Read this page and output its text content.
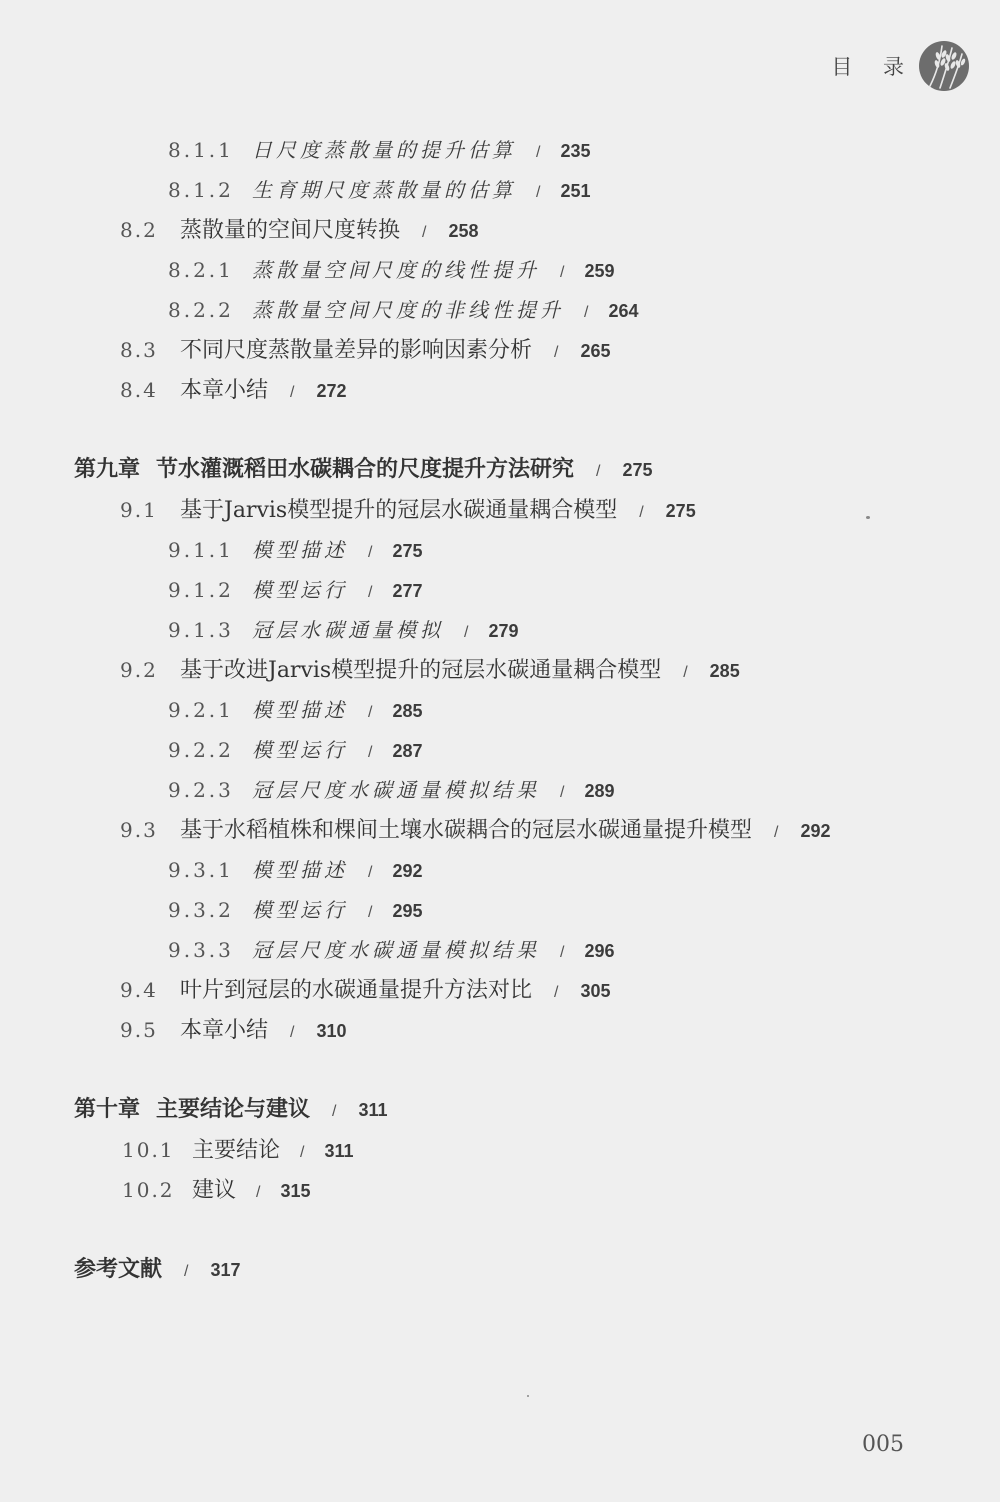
目 录
8.1.1 日尺度蒸散量的提升估算 / 235
8.1.2 生育期尺度蒸散量的估算 / 251
8.2 蒸散量的空间尺度转换 / 258
8.2.1 蒸散量空间尺度的线性提升 / 259
8.2.2 蒸散量空间尺度的非线性提升 / 264
8.3 不同尺度蒸散量差异的影响因素分析 / 265
8.4 本章小结 / 272
第九章 节水灌溉稻田水碳耦合的尺度提升方法研究 / 275
9.1 基于Jarvis模型提升的冠层水碳通量耦合模型 / 275
9.1.1 模型描述 / 275
9.1.2 模型运行 / 277
9.1.3 冠层水碳通量模拟 / 279
9.2 基于改进Jarvis模型提升的冠层水碳通量耦合模型 / 285
9.2.1 模型描述 / 285
9.2.2 模型运行 / 287
9.2.3 冠层尺度水碳通量模拟结果 / 289
9.3 基于水稻植株和棵间土壤水碳耦合的冠层水碳通量提升模型 / 292
9.3.1 模型描述 / 292
9.3.2 模型运行 / 295
9.3.3 冠层尺度水碳通量模拟结果 / 296
9.4 叶片到冠层的水碳通量提升方法对比 / 305
9.5 本章小结 / 310
第十章 主要结论与建议 / 311
10.1 主要结论 / 311
10.2 建议 / 315
参考文献 / 317
005
